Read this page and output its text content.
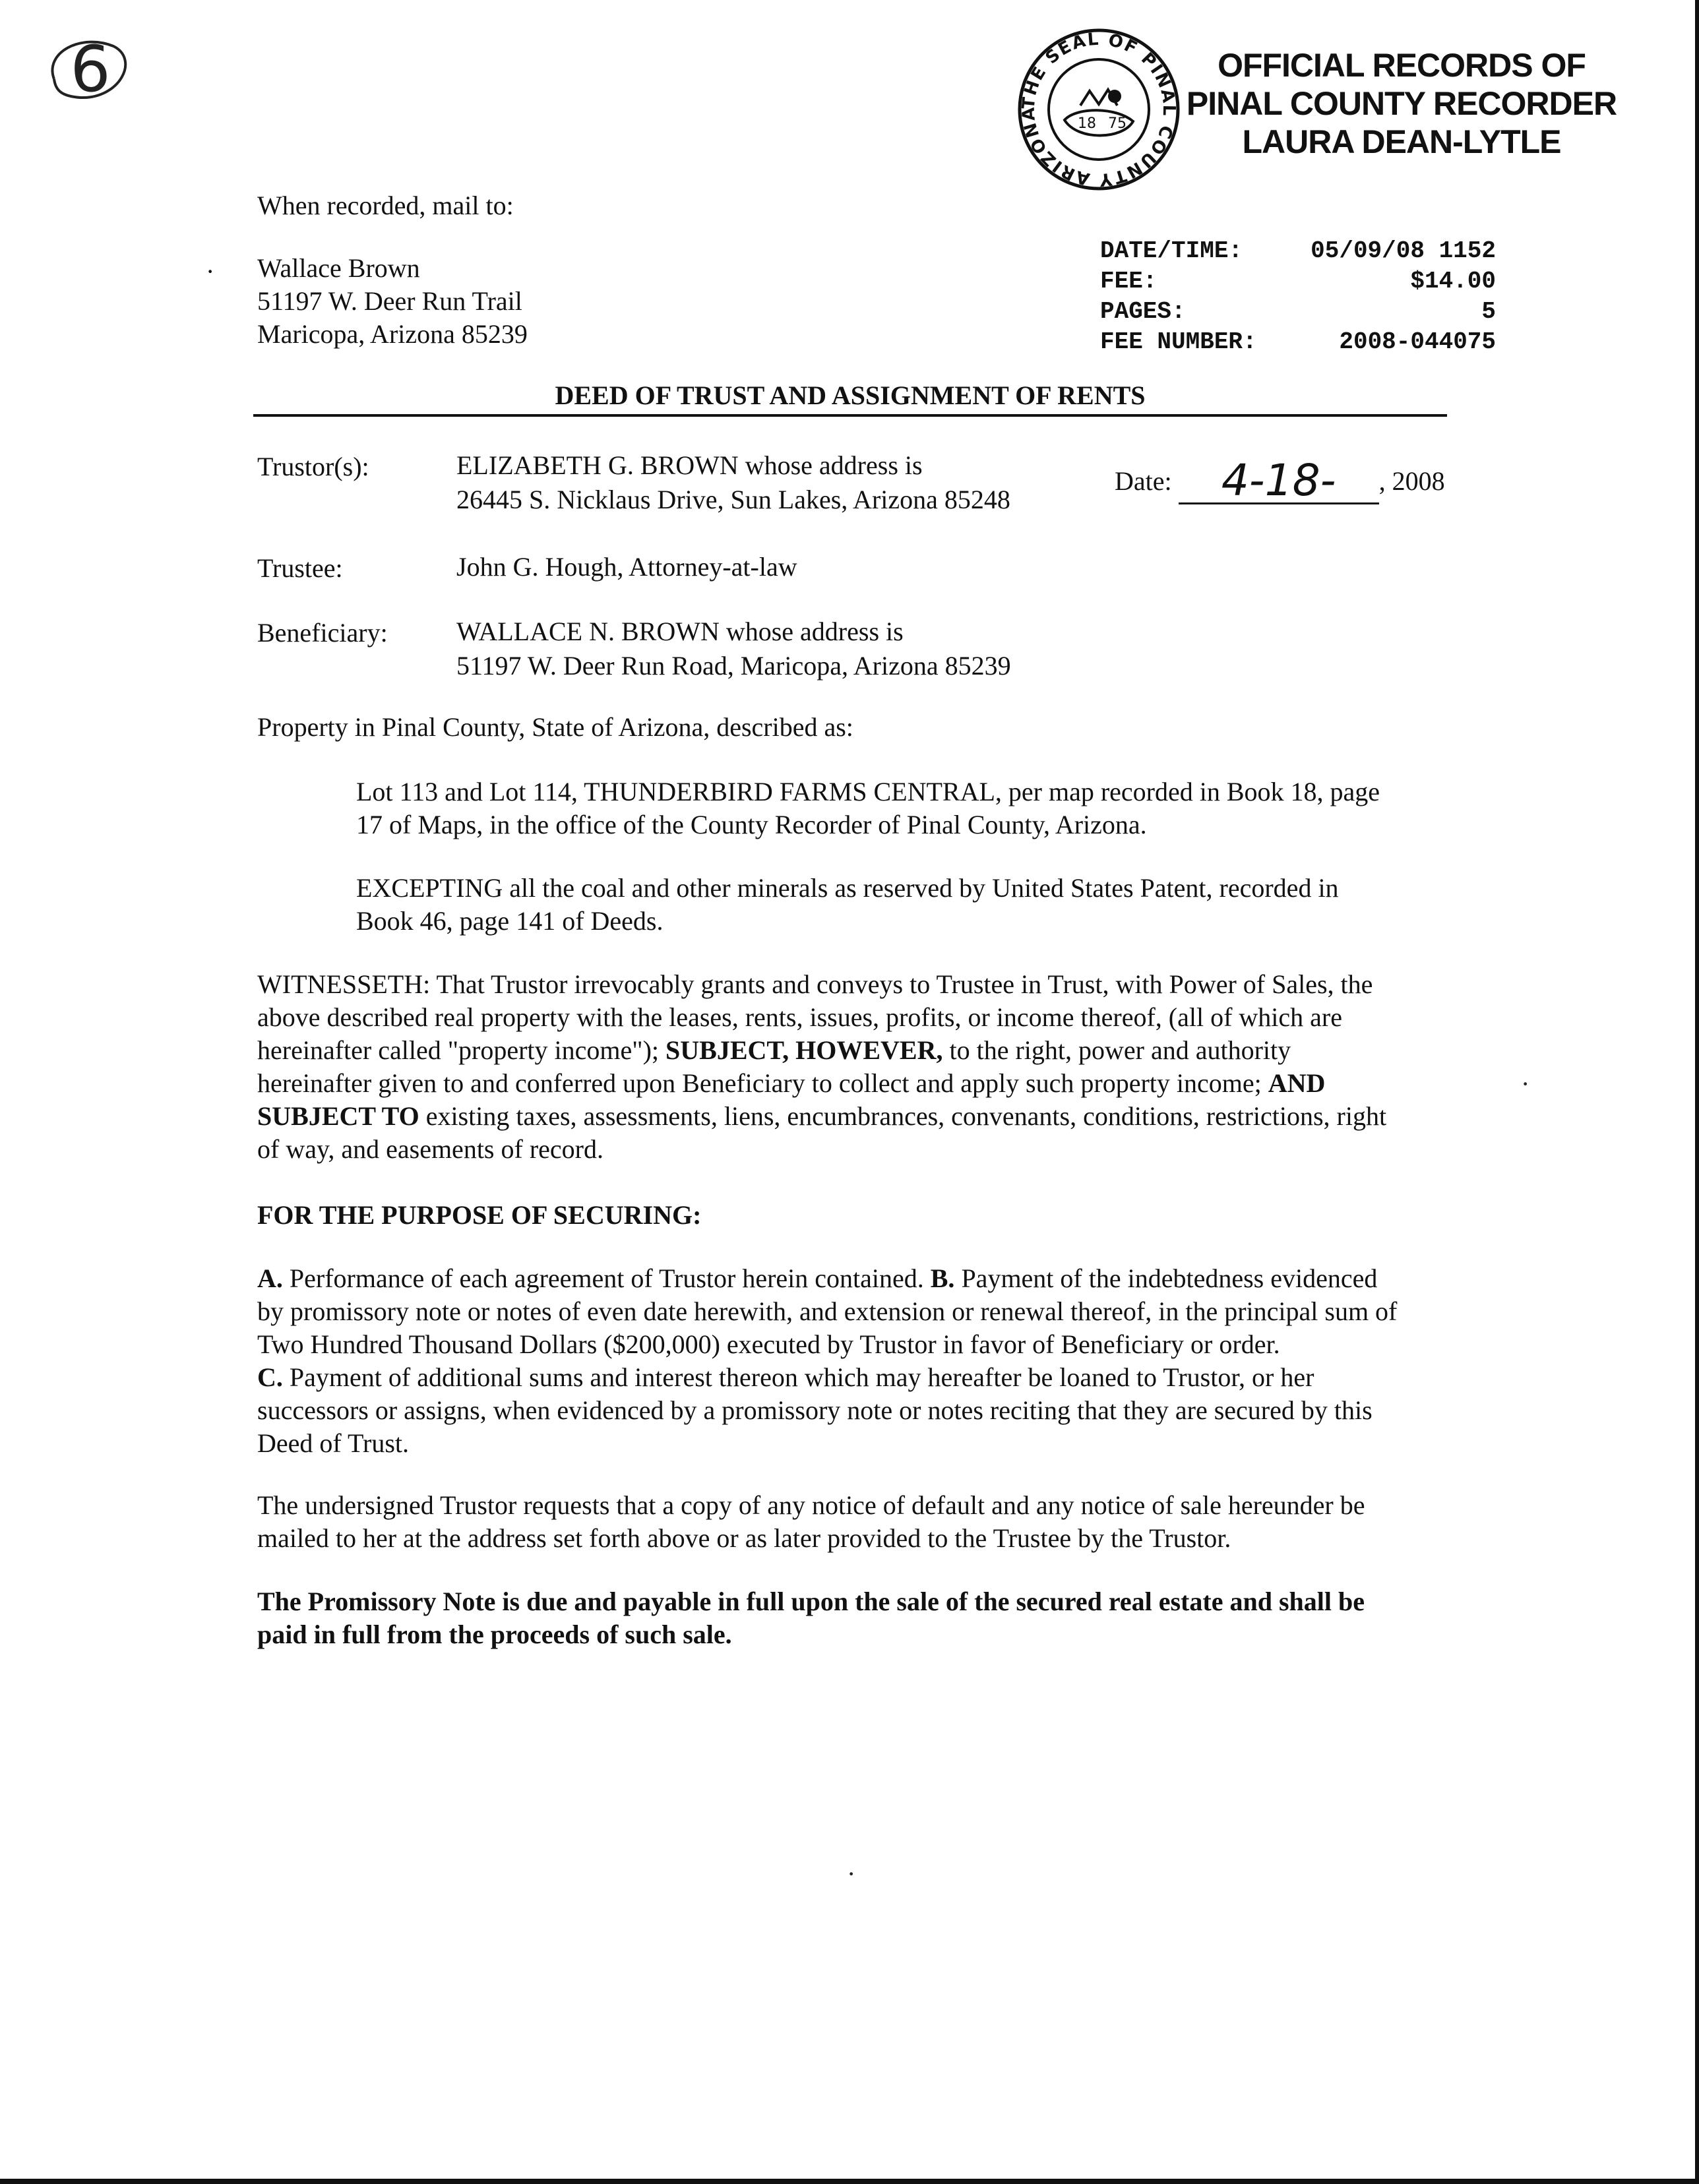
6
18 75
THE SEAL OF PINAL COUNTY ARIZONA
OFFICIAL RECORDS OF
PINAL COUNTY RECORDER
LAURA DEAN-LYTLE
When recorded, mail to:
· Wallace Brown
51197 W. Deer Run Trail
Maricopa, Arizona 85239
DATE/TIME:	05/09/08 1152
FEE:	$14.00
PAGES:	5
FEE NUMBER:	2008-044075
DEED OF TRUST AND ASSIGNMENT OF RENTS
Trustor(s):	ELIZABETH G. BROWN whose address is
26445 S. Nicklaus Drive, Sun Lakes, Arizona 85248
Date: 4-18- , 2008
Trustee:	John G. Hough, Attorney-at-law
Beneficiary:	WALLACE N. BROWN whose address is
51197 W. Deer Run Road, Maricopa, Arizona 85239

Property in Pinal County, State of Arizona, described as:

Lot 113 and Lot 114, THUNDERBIRD FARMS CENTRAL, per map recorded in Book 18, page
17 of Maps, in the office of the County Recorder of Pinal County, Arizona.
EXCEPTING all the coal and other minerals as reserved by United States Patent, recorded in
Book 46, page 141 of Deeds.
WITNESSETH: That Trustor irrevocably grants and conveys to Trustee in Trust, with Power of Sales, the
above described real property with the leases, rents, issues, profits, or income thereof, (all of which are
hereinafter called "property income"); SUBJECT, HOWEVER, to the right, power and authority
hereinafter given to and conferred upon Beneficiary to collect and apply such property income; AND
SUBJECT TO existing taxes, assessments, liens, encumbrances, convenants, conditions, restrictions, right
of way, and easements of record.
·
FOR THE PURPOSE OF SECURING:
A. Performance of each agreement of Trustor herein contained. B. Payment of the indebtedness evidenced
by promissory note or notes of even date herewith, and extension or renewal thereof, in the principal sum of
Two Hundred Thousand Dollars ($200,000) executed by Trustor in favor of Beneficiary or order.
C. Payment of additional sums and interest thereon which may hereafter be loaned to Trustor, or her
successors or assigns, when evidenced by a promissory note or notes reciting that they are secured by this
Deed of Trust.
The undersigned Trustor requests that a copy of any notice of default and any notice of sale hereunder be
mailed to her at the address set forth above or as later provided to the Trustee by the Trustor.
The Promissory Note is due and payable in full upon the sale of the secured real estate and shall be
paid in full from the proceeds of such sale.
·
